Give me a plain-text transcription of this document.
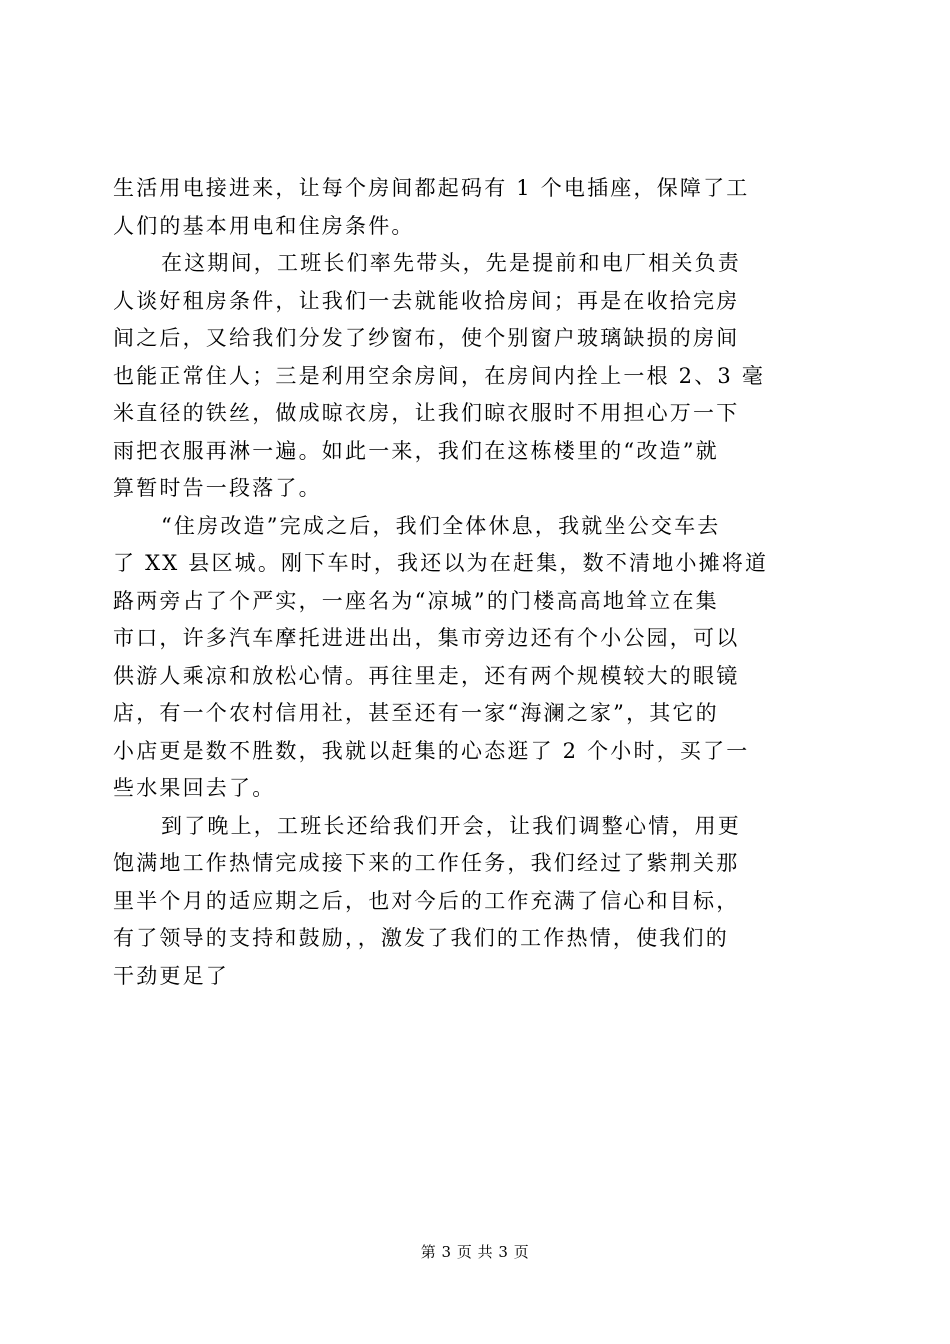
生活用电接进来，让每个房间都起码有 1 个电插座，保障了工
人们的基本用电和住房条件。
在这期间，工班长们率先带头，先是提前和电厂相关负责
人谈好租房条件，让我们一去就能收拾房间；再是在收拾完房
间之后，又给我们分发了纱窗布，使个别窗户玻璃缺损的房间
也能正常住人；三是利用空余房间，在房间内拴上一根 2、3 毫
米直径的铁丝，做成晾衣房，让我们晾衣服时不用担心万一下
雨把衣服再淋一遍。如此一来，我们在这栋楼里的“改造”就
算暂时告一段落了。
“住房改造”完成之后，我们全体休息，我就坐公交车去
了 XX 县区城。刚下车时，我还以为在赶集，数不清地小摊将道
路两旁占了个严实，一座名为“凉城”的门楼高高地耸立在集
市口，许多汽车摩托进进出出，集市旁边还有个小公园，可以
供游人乘凉和放松心情。再往里走，还有两个规模较大的眼镜
店，有一个农村信用社，甚至还有一家“海澜之家”，其它的
小店更是数不胜数，我就以赶集的心态逛了 2 个小时，买了一
些水果回去了。
到了晚上，工班长还给我们开会，让我们调整心情，用更
饱满地工作热情完成接下来的工作任务，我们经过了紫荆关那
里半个月的适应期之后，也对今后的工作充满了信心和目标，
有了领导的支持和鼓励，，激发了我们的工作热情，使我们的
干劲更足了
第 3 页 共 3 页
